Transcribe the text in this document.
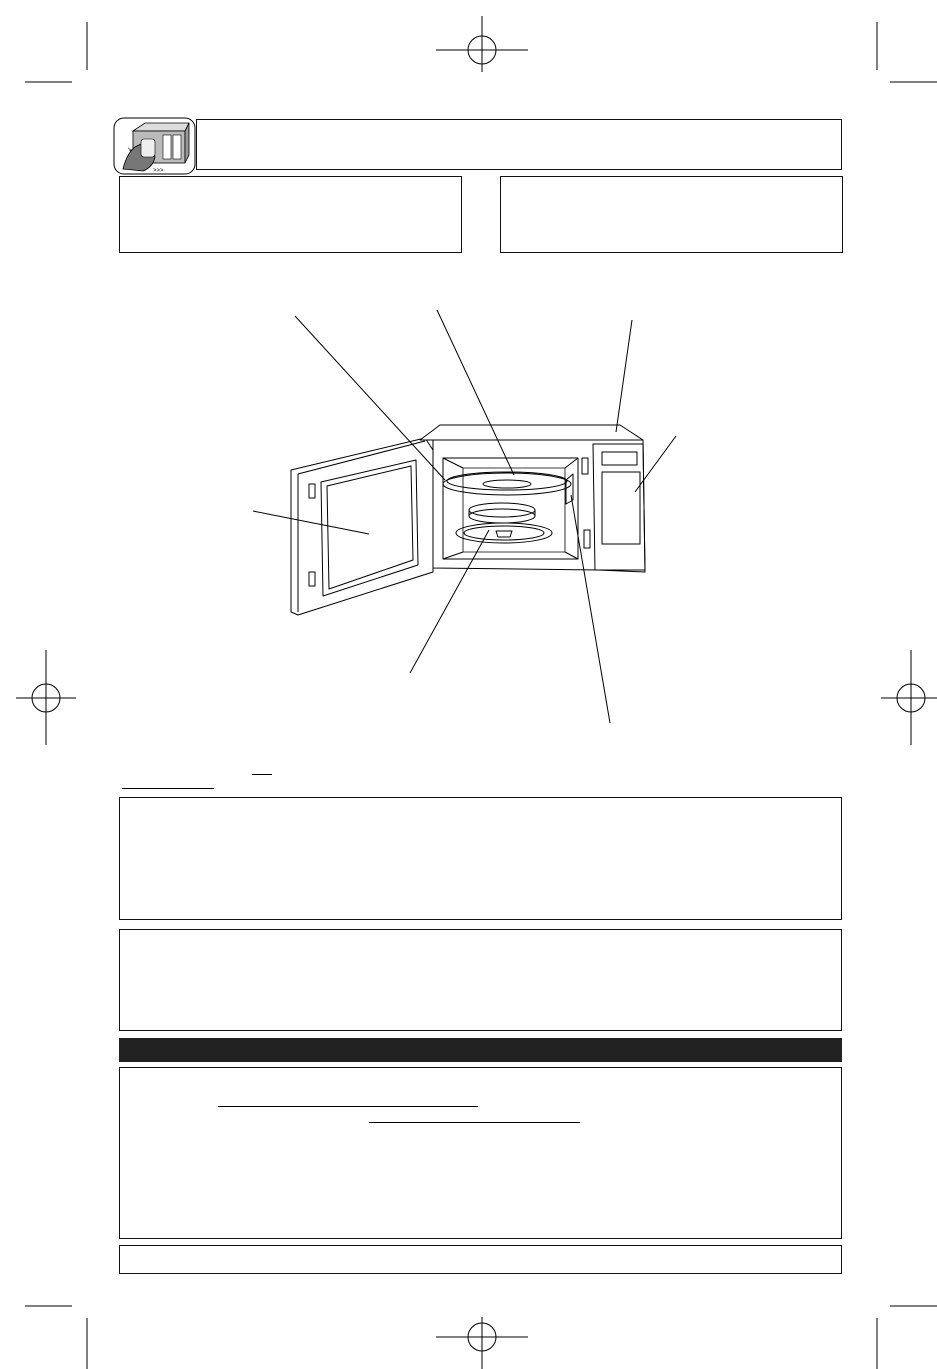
↘
>>>
